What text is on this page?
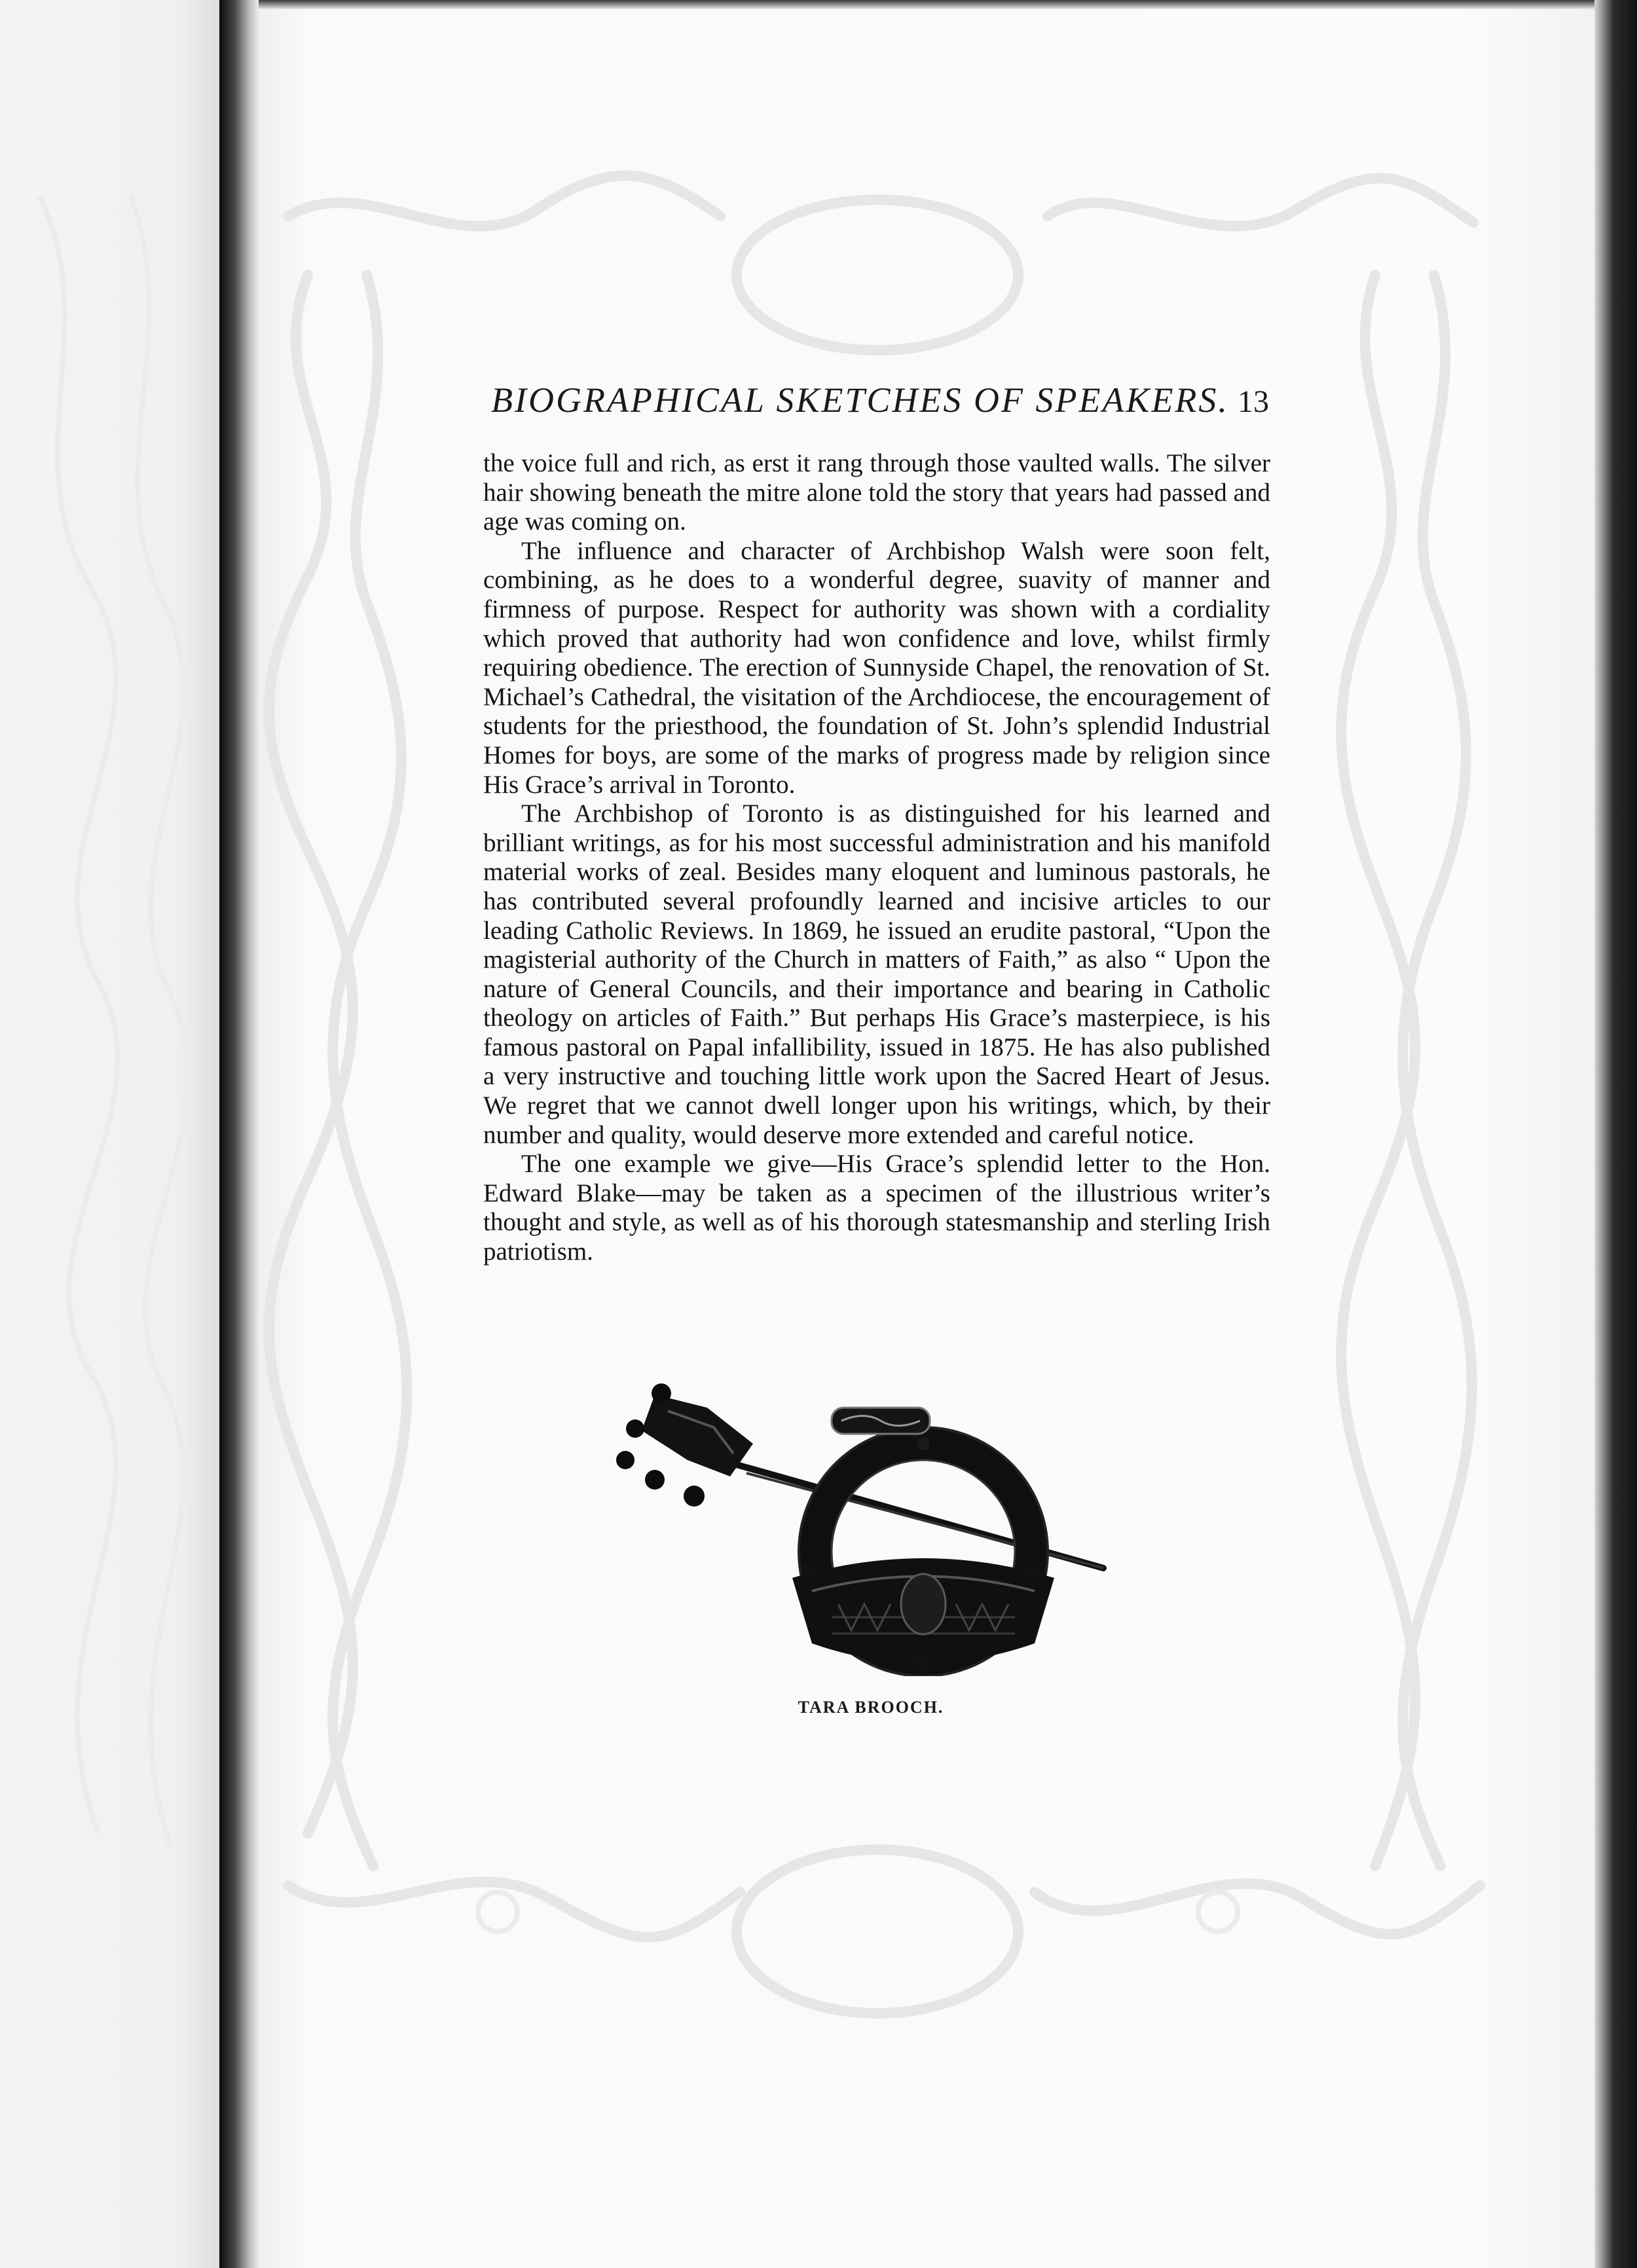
BIOGRAPHICAL SKETCHES OF SPEAKERS. 13

the voice full and rich, as erst it rang through those vaulted walls. The silver hair showing beneath the mitre alone told the story that years had passed and age was coming on.

The influence and character of Archbishop Walsh were soon felt, combining, as he does to a wonderful degree, suavity of manner and firmness of purpose. Respect for authority was shown with a cordiality which proved that authority had won confidence and love, whilst firmly requiring obedience. The erection of Sunnyside Chapel, the renovation of St. Michael’s Cathedral, the visitation of the Archdiocese, the encouragement of students for the priesthood, the foundation of St. John’s splendid Industrial Homes for boys, are some of the marks of progress made by religion since His Grace’s arrival in Toronto.

The Archbishop of Toronto is as distinguished for his learned and brilliant writings, as for his most successful administration and his manifold material works of zeal. Besides many eloquent and luminous pastorals, he has contributed several profoundly learned and incisive articles to our leading Catholic Reviews. In 1869, he issued an erudite pastoral, “Upon the magisterial authority of the Church in matters of Faith,” as also “ Upon the nature of General Councils, and their importance and bearing in Catholic theology on articles of Faith.” But perhaps His Grace’s masterpiece, is his famous pastoral on Papal infallibility, issued in 1875. He has also published a very instructive and touching little work upon the Sacred Heart of Jesus. We regret that we cannot dwell longer upon his writings, which, by their number and quality, would deserve more extended and careful notice.

The one example we give—His Grace’s splendid letter to the Hon. Edward Blake—may be taken as a specimen of the illustrious writer’s thought and style, as well as of his thorough statesmanship and sterling Irish patriotism.

TARA BROOCH.
